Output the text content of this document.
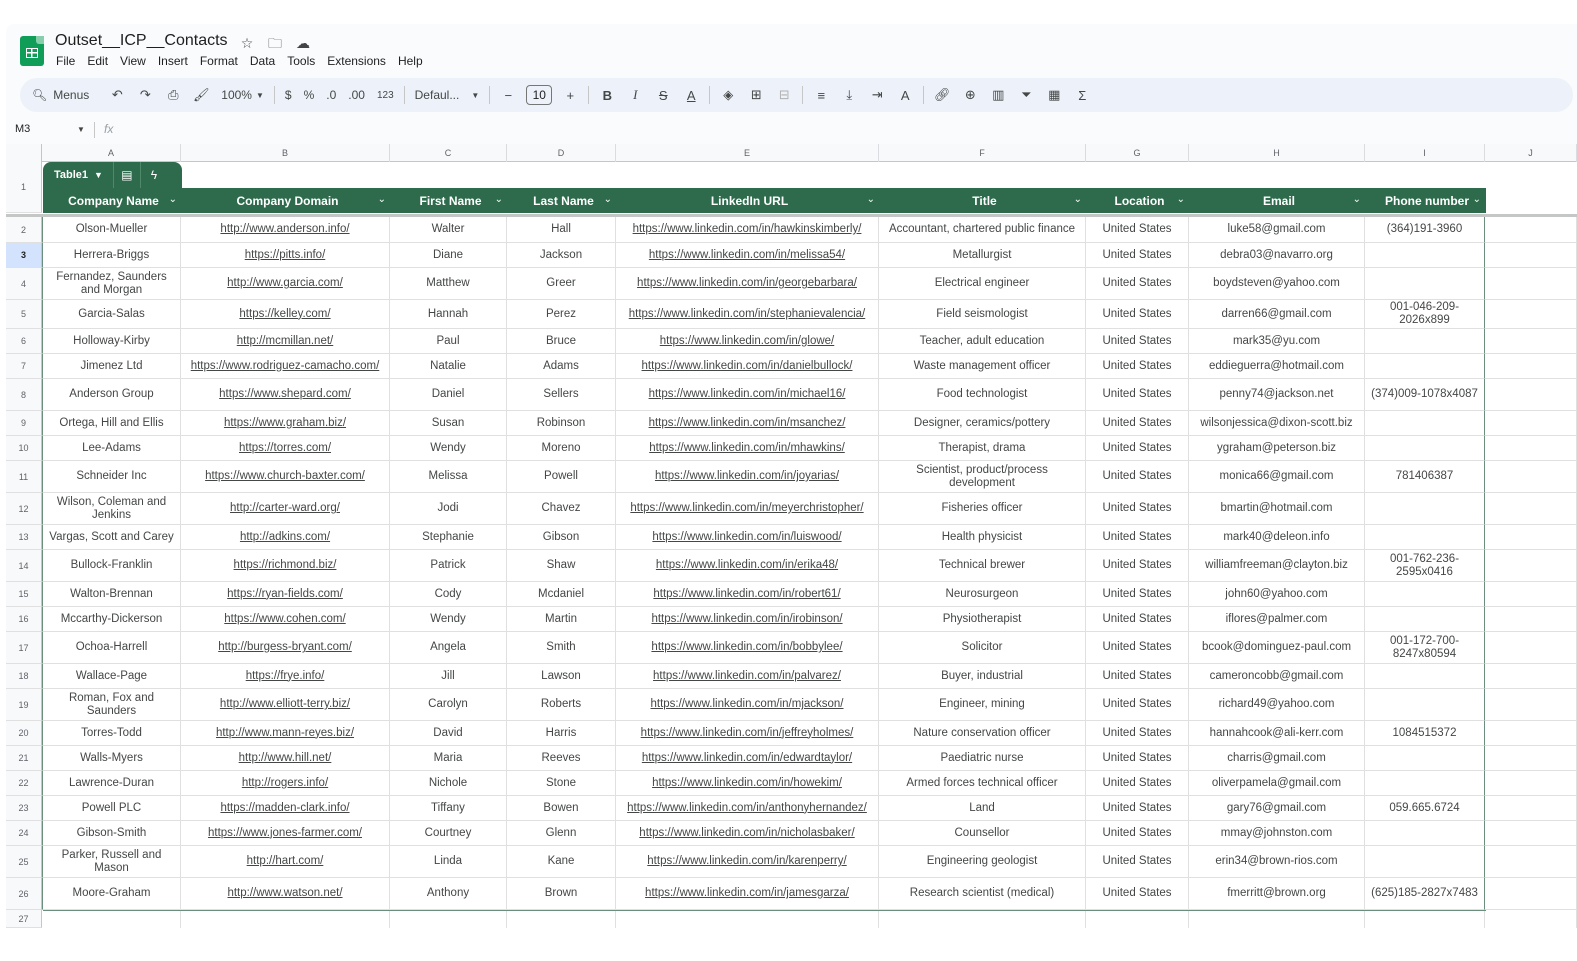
Outset__ICP__Contacts ☆ 🗀 ☁
File	Edit	View	Insert	Format	Data	Tools	Extensions	Help
🔍︎ Menus ↶ ↷ ⎙ 🖌︎ 100% ▼ $ % .0 .00 123 Defaul... ▼	−	10	+	B	I	S A ◈ ⊞ ⊟	≡	⤓	⇥ A 🔗︎ ⊕ ▥ ⏷ ▦	Σ
M3	▼ fx
A	B	C	D	E	F	G	H	I	J
Table1 ▼	▤	ϟ
Company Name ⌄	Company Domain	⌄	First Name ⌄	Last Name ⌄	LinkedIn URL	⌄	Title	⌄	Location ⌄	Email	⌄ Phone number ⌄
1
2
3
4
5
6
7
8
9
10
11
12
13
14
15
16
17
18
19
20
21
22
23
24
25
26
27
Olson-Mueller	http://www.anderson.info/	Walter	Hall	https://www.linkedin.com/in/hawkinskimberly/	Accountant, chartered public finance	United States	luke58@gmail.com	(364)191-3960
Herrera-Briggs	https://pitts.info/	Diane	Jackson	https://www.linkedin.com/in/melissa54/	Metallurgist	United States	debra03@navarro.org
Fernandez, Saunders and Morgan
http://www.garcia.com/	Matthew	Greer	https://www.linkedin.com/in/georgebarbara/	Electrical engineer	United States	boydsteven@yahoo.com
Garcia-Salas	https://kelley.com/	Hannah	Perez	https://www.linkedin.com/in/stephanievalencia/	Field seismologist	United States	darren66@gmail.com
001-046-209-2026x899
Holloway-Kirby	http://mcmillan.net/	Paul	Bruce	https://www.linkedin.com/in/glowe/	Teacher, adult education	United States	mark35@yu.com
Jimenez Ltd	https://www.rodriguez-camacho.com/	Natalie	Adams	https://www.linkedin.com/in/danielbullock/	Waste management officer	United States	eddieguerra@hotmail.com
Anderson Group	https://www.shepard.com/	Daniel	Sellers	https://www.linkedin.com/in/michael16/	Food technologist	United States	penny74@jackson.net	(374)009-1078x4087
Ortega, Hill and Ellis	https://www.graham.biz/	Susan	Robinson	https://www.linkedin.com/in/msanchez/	Designer, ceramics/pottery	United States	wilsonjessica@dixon-scott.biz
Lee-Adams	https://torres.com/	Wendy	Moreno	https://www.linkedin.com/in/mhawkins/	Therapist, drama	United States	ygraham@peterson.biz
Schneider Inc	https://www.church-baxter.com/	Melissa	Powell	https://www.linkedin.com/in/joyarias/
Scientist, product/process development
United States	monica66@gmail.com	781406387
Wilson, Coleman and Jenkins
http://carter-ward.org/	Jodi	Chavez	https://www.linkedin.com/in/meyerchristopher/	Fisheries officer	United States	bmartin@hotmail.com
Vargas, Scott and Carey	http://adkins.com/	Stephanie	Gibson	https://www.linkedin.com/in/luiswood/	Health physicist	United States	mark40@deleon.info
Bullock-Franklin	https://richmond.biz/	Patrick	Shaw	https://www.linkedin.com/in/erika48/	Technical brewer	United States	williamfreeman@clayton.biz
001-762-236-2595x0416
Walton-Brennan	https://ryan-fields.com/	Cody	Mcdaniel	https://www.linkedin.com/in/robert61/	Neurosurgeon	United States	john60@yahoo.com
Mccarthy-Dickerson	https://www.cohen.com/	Wendy	Martin	https://www.linkedin.com/in/irobinson/	Physiotherapist	United States	iflores@palmer.com
Ochoa-Harrell	http://burgess-bryant.com/	Angela	Smith	https://www.linkedin.com/in/bobbylee/	Solicitor	United States	bcook@dominguez-paul.com
001-172-700-8247x80594
Wallace-Page	https://frye.info/	Jill	Lawson	https://www.linkedin.com/in/palvarez/	Buyer, industrial	United States	cameroncobb@gmail.com
Roman, Fox and Saunders
http://www.elliott-terry.biz/	Carolyn	Roberts	https://www.linkedin.com/in/mjackson/	Engineer, mining	United States	richard49@yahoo.com
Torres-Todd	http://www.mann-reyes.biz/	David	Harris	https://www.linkedin.com/in/jeffreyholmes/	Nature conservation officer	United States	hannahcook@ali-kerr.com	1084515372
Walls-Myers	http://www.hill.net/	Maria	Reeves	https://www.linkedin.com/in/edwardtaylor/	Paediatric nurse	United States	charris@gmail.com
Lawrence-Duran	http://rogers.info/	Nichole	Stone	https://www.linkedin.com/in/howekim/	Armed forces technical officer	United States	oliverpamela@gmail.com
Powell PLC	https://madden-clark.info/	Tiffany	Bowen	https://www.linkedin.com/in/anthonyhernandez/	Land	United States	gary76@gmail.com	059.665.6724
Gibson-Smith	https://www.jones-farmer.com/	Courtney	Glenn	https://www.linkedin.com/in/nicholasbaker/	Counsellor	United States	mmay@johnston.com
Parker, Russell and Mason
http://hart.com/	Linda	Kane	https://www.linkedin.com/in/karenperry/	Engineering geologist	United States	erin34@brown-rios.com
Moore-Graham	http://www.watson.net/	Anthony	Brown	https://www.linkedin.com/in/jamesgarza/	Research scientist (medical)	United States	fmerritt@brown.org	(625)185-2827x7483
